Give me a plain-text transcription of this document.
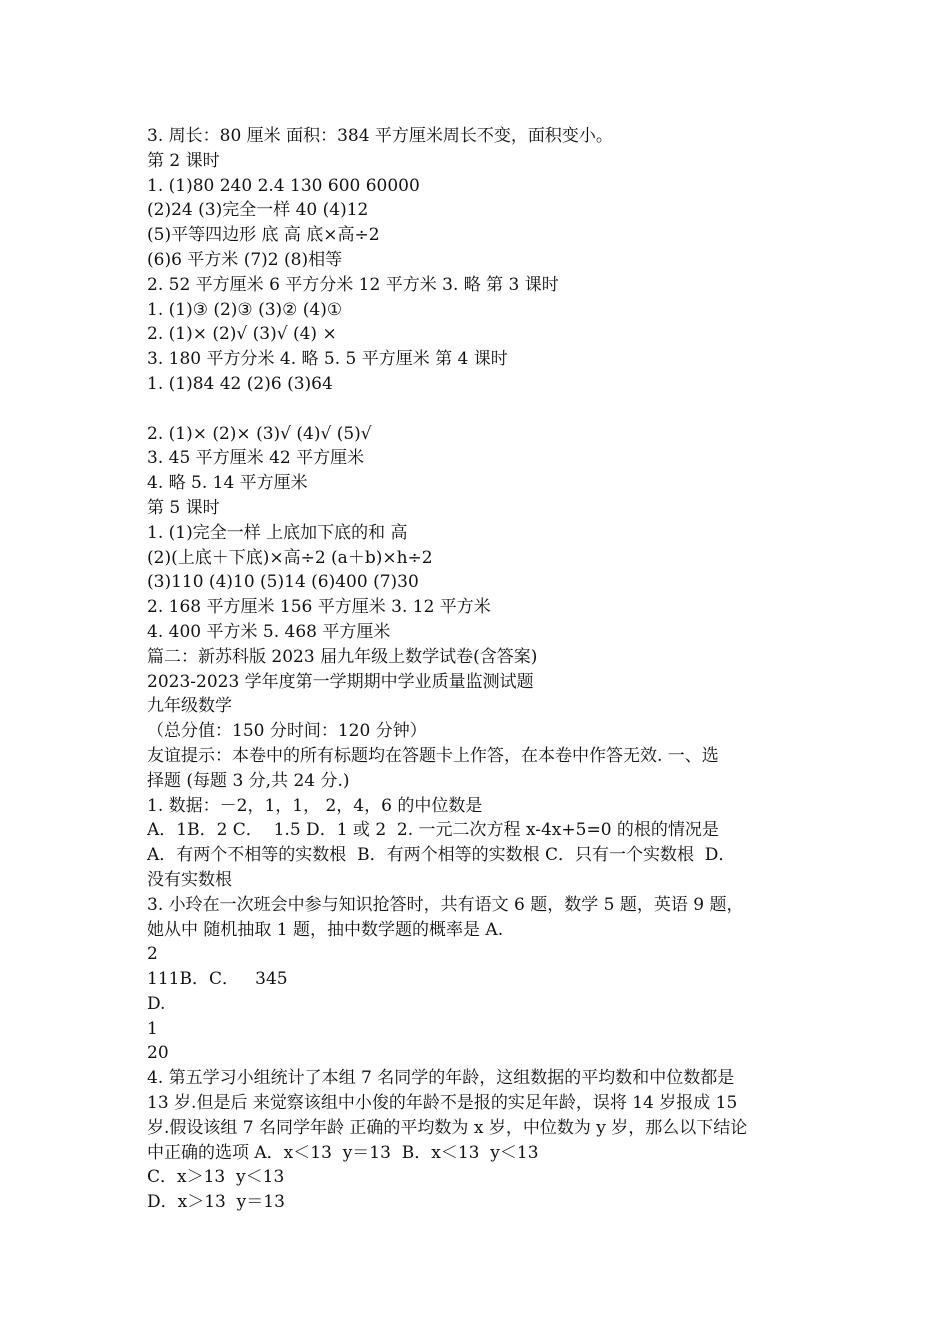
3. 周长：80 厘米 面积：384 平方厘米周长不变，面积变小。
第 2 课时
1. (1)80 240 2.4 130 600 60000
(2)24 (3)完全一样 40 (4)12
(5)平等四边形 底 高 底×高÷2
(6)6 平方米 (7)2 (8)相等
2. 52 平方厘米 6 平方分米 12 平方米 3. 略 第 3 课时
1. (1)③ (2)③ (3)② (4)①
2. (1)× (2)√ (3)√ (4) ×
3. 180 平方分米 4. 略 5. 5 平方厘米 第 4 课时
1. (1)84 42 (2)6 (3)64
2. (1)× (2)× (3)√ (4)√ (5)√
3. 45 平方厘米 42 平方厘米
4. 略 5. 14 平方厘米
第 5 课时
1. (1)完全一样 上底加下底的和 高
(2)(上底＋下底)×高÷2 (a＋b)×h÷2
(3)110 (4)10 (5)14 (6)400 (7)30
2. 168 平方厘米 156 平方厘米 3. 12 平方米
4. 400 平方米 5. 468 平方厘米
篇二：新苏科版 2023 届九年级上数学试卷(含答案)
2023-2023 学年度第一学期期中学业质量监测试题
九年级数学
（总分值：150 分时间：120 分钟）
友谊提示：本卷中的所有标题均在答题卡上作答，在本卷中作答无效. 一、选
择题 (每题 3 分,共 24 分.)
1. 数据：－2，1，1， 2，4，6 的中位数是
A．1B．2 C．  1.5 D．1 或 2  2. 一元二次方程 x-4x+5=0 的根的情况是
A．有两个不相等的实数根  B．有两个相等的实数根 C．只有一个实数根  D．
没有实数根
3. 小玲在一次班会中参与知识抢答时，共有语文 6 题，数学 5 题，英语 9 题，
她从中 随机抽取 1 题，抽中数学题的概率是 A.
2
111B．C．   345
D.
1
20
4. 第五学习小组统计了本组 7 名同学的年龄，这组数据的平均数和中位数都是
13 岁.但是后 来觉察该组中小俊的年龄不是报的实足年龄，误将 14 岁报成 15
岁.假设该组 7 名同学年龄 正确的平均数为 x 岁，中位数为 y 岁，那么以下结论
中正确的选项 A．x＜13  y＝13  B．x＜13  y＜13
C．x＞13  y＜13
D．x＞13  y＝13
